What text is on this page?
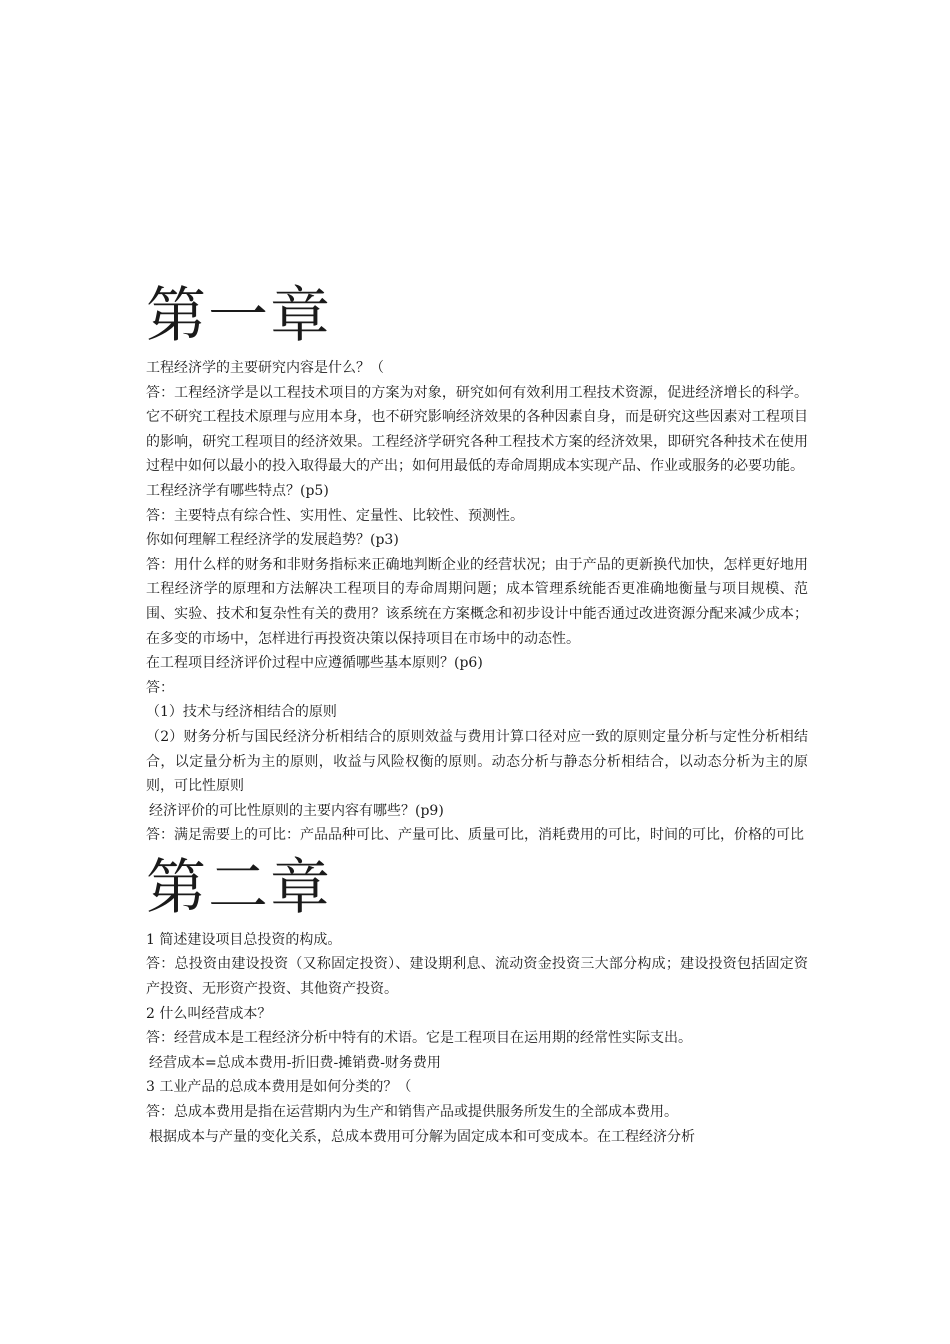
第一章

工程经济学的主要研究内容是什么？（

答：工程经济学是以工程技术项目的方案为对象，研究如何有效利用工程技术资源，促进经济增长的科学。它不研究工程技术原理与应用本身，也不研究影响经济效果的各种因素自身，而是研究这些因素对工程项目的影响，研究工程项目的经济效果。工程经济学研究各种工程技术方案的经济效果，即研究各种技术在使用过程中如何以最小的投入取得最大的产出；如何用最低的寿命周期成本实现产品、作业或服务的必要功能。

工程经济学有哪些特点？(p5)

答：主要特点有综合性、实用性、定量性、比较性、预测性。

你如何理解工程经济学的发展趋势？(p3)

答：用什么样的财务和非财务指标来正确地判断企业的经营状况；由于产品的更新换代加快，怎样更好地用工程经济学的原理和方法解决工程项目的寿命周期问题；成本管理系统能否更准确地衡量与项目规模、范围、实验、技术和复杂性有关的费用？该系统在方案概念和初步设计中能否通过改进资源分配来减少成本；在多变的市场中，怎样进行再投资决策以保持项目在市场中的动态性。

在工程项目经济评价过程中应遵循哪些基本原则？(p6)

答：

（1）技术与经济相结合的原则

（2）财务分析与国民经济分析相结合的原则效益与费用计算口径对应一致的原则定量分析与定性分析相结合，以定量分析为主的原则，收益与风险权衡的原则。动态分析与静态分析相结合，以动态分析为主的原则，可比性原则

经济评价的可比性原则的主要内容有哪些？(p9)

答：满足需要上的可比：产品品种可比、产量可比、质量可比，消耗费用的可比，时间的可比，价格的可比

第二章

1 简述建设项目总投资的构成。

答：总投资由建设投资（又称固定投资）、建设期利息、流动资金投资三大部分构成；建设投资包括固定资产投资、无形资产投资、其他资产投资。

2 什么叫经营成本？

答：经营成本是工程经济分析中特有的术语。它是工程项目在运用期的经常性实际支出。

经营成本=总成本费用-折旧费-摊销费-财务费用

3 工业产品的总成本费用是如何分类的？（

答：总成本费用是指在运营期内为生产和销售产品或提供服务所发生的全部成本费用。

根据成本与产量的变化关系，总成本费用可分解为固定成本和可变成本。在工程经济分析
